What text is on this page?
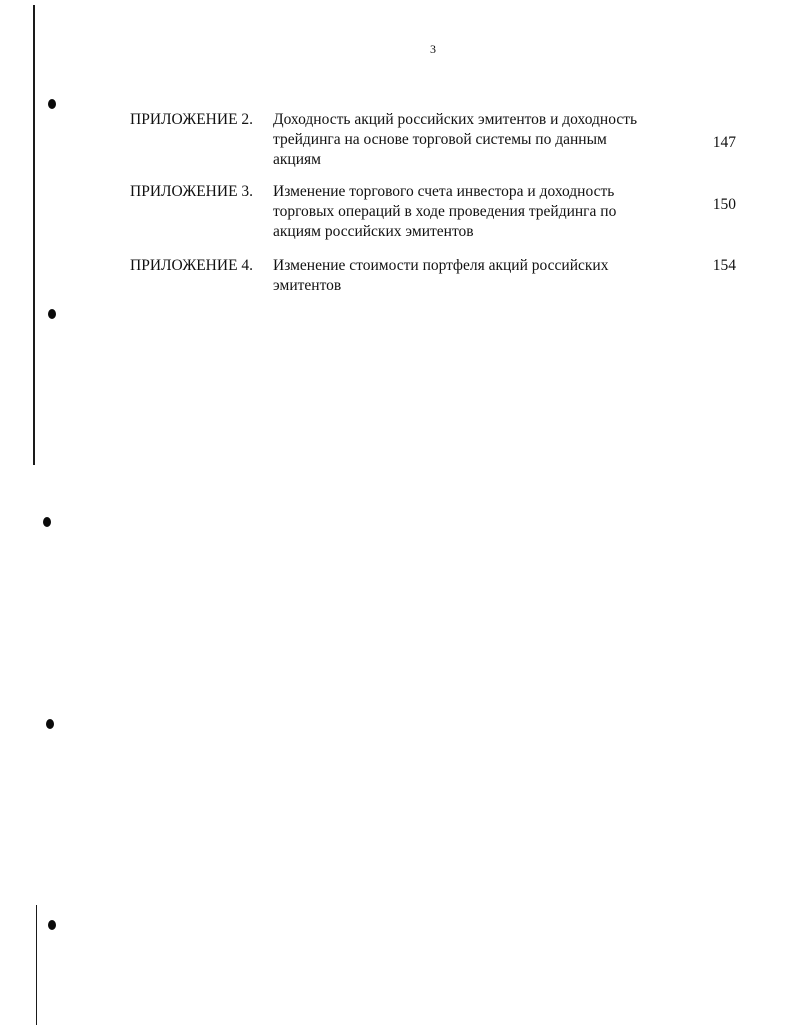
3
ПРИЛОЖЕНИЕ 2. Доходность акций российских эмитентов и доходность
трейдинга на основе торговой системы по данным
акциям
147
ПРИЛОЖЕНИЕ 3. Изменение торгового счета инвестора и доходность
торговых операций в ходе проведения трейдинга по
акциям российских эмитентов
150
ПРИЛОЖЕНИЕ 4. Изменение стоимости портфеля акций российских
эмитентов
154
